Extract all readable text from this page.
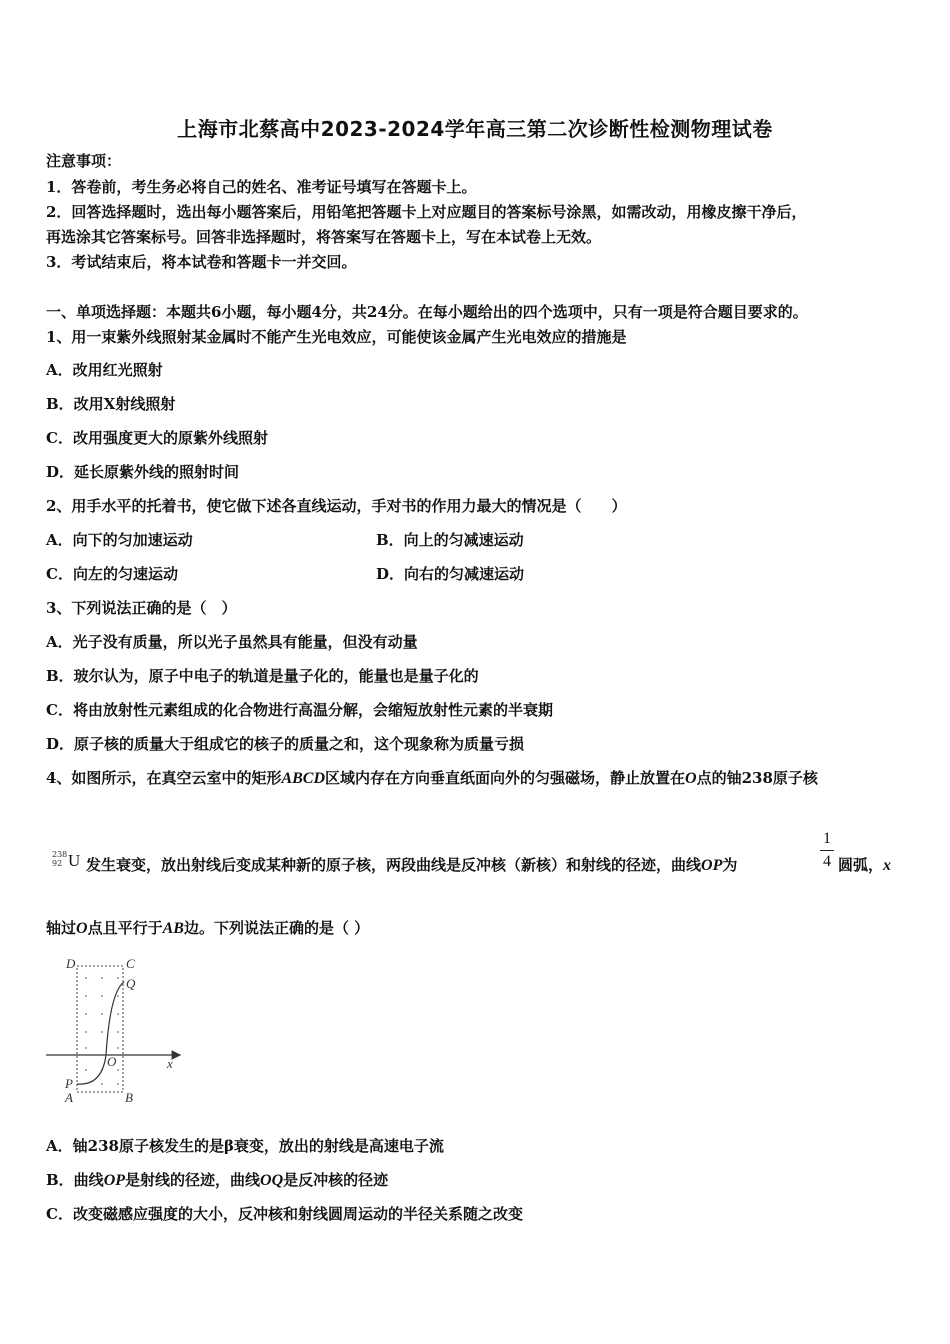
上海市北蔡高中2023-2024学年高三第二次诊断性检测物理试卷
注意事项：
1．答卷前，考生务必将自己的姓名、准考证号填写在答题卡上。
2．回答选择题时，选出每小题答案后，用铅笔把答题卡上对应题目的答案标号涂黑，如需改动，用橡皮擦干净后，
再选涂其它答案标号。回答非选择题时，将答案写在答题卡上，写在本试卷上无效。
3．考试结束后，将本试卷和答题卡一并交回。
一、单项选择题：本题共6小题，每小题4分，共24分。在每小题给出的四个选项中，只有一项是符合题目要求的。
1、用一束紫外线照射某金属时不能产生光电效应，可能使该金属产生光电效应的措施是
A．改用红光照射
B．改用X射线照射
C．改用强度更大的原紫外线照射
D．延长原紫外线的照射时间
2、用手水平的托着书，使它做下述各直线运动，手对书的作用力最大的情况是（　　）
A．向下的匀加速运动	B．向上的匀减速运动
C．向左的匀速运动	D．向右的匀减速运动
3、下列说法正确的是（　）
A．光子没有质量，所以光子虽然具有能量，但没有动量
B．玻尔认为，原子中电子的轨道是量子化的，能量也是量子化的
C．将由放射性元素组成的化合物进行高温分解，会缩短放射性元素的半衰期
D．原子核的质量大于组成它的核子的质量之和，这个现象称为质量亏损
4、如图所示，在真空云室中的矩形ABCD区域内存在方向垂直纸面向外的匀强磁场，静止放置在O点的铀238原子核
238
92 U 发生衰变，放出射线后变成某种新的原子核，两段曲线是反冲核（新核）和射线的径迹，曲线OP为
1
4 圆弧，x
轴过O点且平行于AB边。下列说法正确的是（ ）
D	C
Q
O
P
A	B
x
A．铀238原子核发生的是β衰变，放出的射线是高速电子流
B．曲线OP是射线的径迹，曲线OQ是反冲核的径迹
C．改变磁感应强度的大小，反冲核和射线圆周运动的半径关系随之改变
